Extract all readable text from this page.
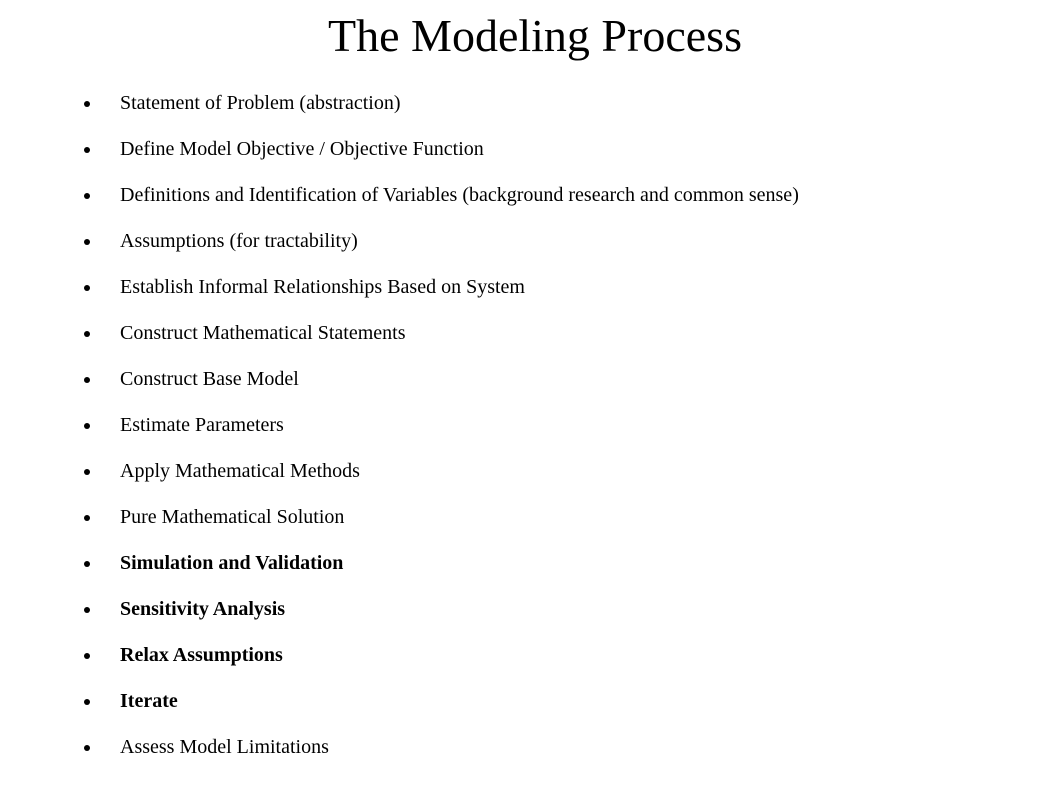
The Modeling Process
Statement of Problem (abstraction)
Define Model Objective / Objective Function
Definitions and Identification of Variables (background research and common sense)
Assumptions (for tractability)
Establish Informal Relationships Based on System
Construct Mathematical Statements
Construct Base Model
Estimate Parameters
Apply Mathematical Methods
Pure Mathematical Solution
Simulation and Validation
Sensitivity Analysis
Relax Assumptions
Iterate
Assess Model Limitations
